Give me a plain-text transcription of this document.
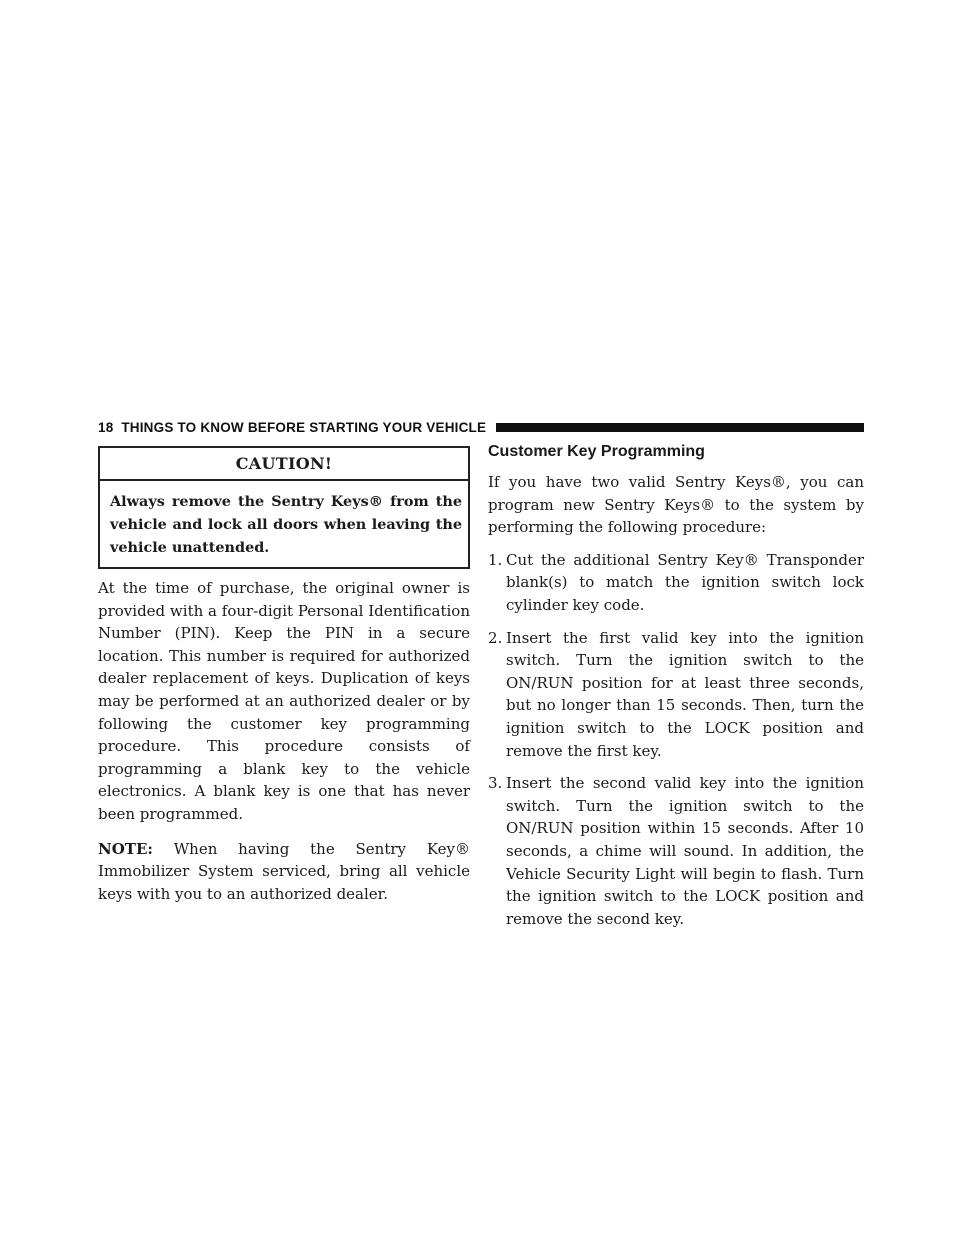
18 THINGS TO KNOW BEFORE STARTING YOUR VEHICLE
CAUTION!
Always remove the Sentry Keys® from the vehicle and lock all doors when leaving the vehicle unattended.

At the time of purchase, the original owner is provided with a four-digit Personal Identification Number (PIN). Keep the PIN in a secure location. This number is required for authorized dealer replacement of keys. Duplication of keys may be performed at an authorized dealer or by following the customer key programming procedure. This procedure consists of programming a blank key to the vehicle electronics. A blank key is one that has never been programmed.

NOTE: When having the Sentry Key® Immobilizer System serviced, bring all vehicle keys with you to an authorized dealer.

Customer Key Programming
If you have two valid Sentry Keys®, you can program new Sentry Keys® to the system by performing the following procedure:
1. Cut the additional Sentry Key® Transponder blank(s) to match the ignition switch lock cylinder key code.
2. Insert the first valid key into the ignition switch. Turn the ignition switch to the ON/RUN position for at least three seconds, but no longer than 15 seconds. Then, turn the ignition switch to the LOCK position and remove the first key.
3. Insert the second valid key into the ignition switch. Turn the ignition switch to the ON/RUN position within 15 seconds. After 10 seconds, a chime will sound. In addition, the Vehicle Security Light will begin to flash. Turn the ignition switch to the LOCK position and remove the second key.
